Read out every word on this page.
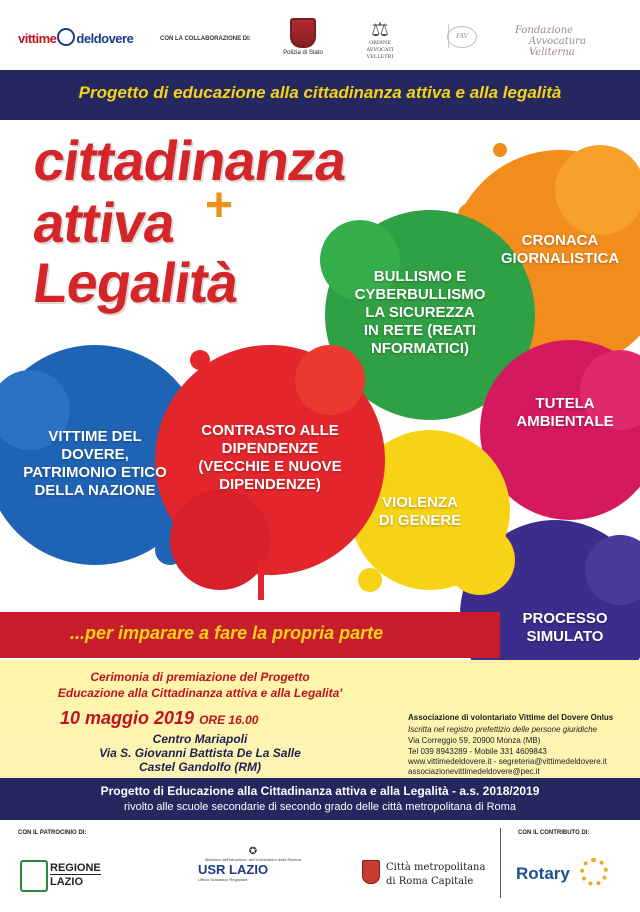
vittime deldovere	CON LA COLLABORAZIONE DI:
Polizia di Stato
⚖
ORDINE AVVOCATI VELLETRI
FAV
Fondazione
Avvocatura Veliterna
Progetto di educazione alla cittadinanza attiva e alla legalità
cittadinanza
attiva +
Legalità
CRONACA
GIORNALISTICA
BULLISMO E
CYBERBULLISMO
LA SICUREZZA
IN RETE (REATI
NFORMATICI)
TUTELA
AMBIENTALE
VITTIME DEL
DOVERE,
PATRIMONIO ETICO
DELLA NAZIONE
CONTRASTO ALLE
DIPENDENZE
(VECCHIE E NUOVE
DIPENDENZE)
VIOLENZA
DI GENERE
PROCESSO
SIMULATO
...per imparare a fare la propria parte
Cerimonia di premiazione del Progetto
Educazione alla Cittadinanza attiva e alla Legalita'
10 maggio 2019 ORE 16.00
Centro Mariapoli
Via S. Giovanni Battista De La Salle
Castel Gandolfo (RM)
Associazione di volontariato Vittime del Dovere Onlus
Iscritta nel registro prefettizio delle persone giuridiche
Via Correggio 59, 20900 Monza (MB)
Tel 039 8943289 - Mobile 331 4609843
www.vittimedeldovere.it - segreteria@vittimedeldovere.it
associazionevittimedeldovere@pec.it
Progetto di Educazione alla Cittadinanza attiva e alla Legalità - a.s. 2018/2019
rivolto alle scuole secondarie di secondo grado delle città metropolitana di Roma
CON IL PATROCINIO DI:	CON IL CONTRIBUTO DI:
REGIONE
LAZIO
✪
Ministero dell'Istruzione, dell'Università e della Ricerca
USR LAZIO
Ufficio Scolastico Regionale
Città metropolitana
di Roma Capitale	Rotary
